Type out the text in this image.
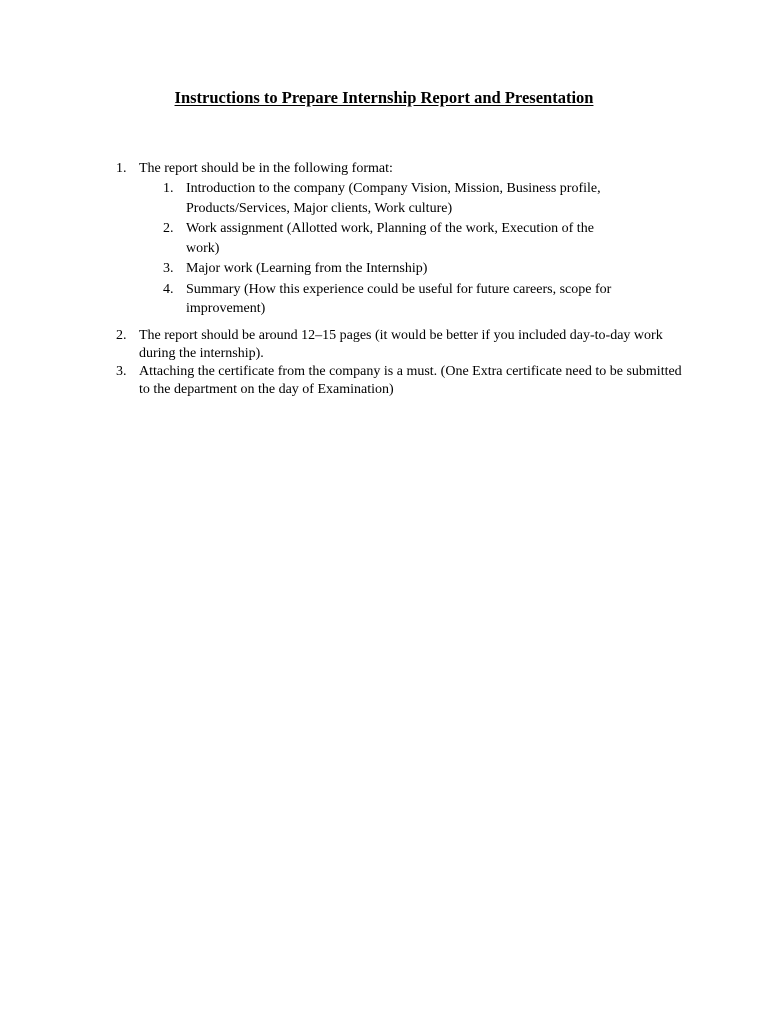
Instructions to Prepare Internship Report and Presentation
1. The report should be in the following format:
1. Introduction to the company (Company Vision, Mission, Business profile, Products/Services, Major clients, Work culture)
2. Work assignment (Allotted work, Planning of the work, Execution of the work)
3. Major work (Learning from the Internship)
4. Summary (How this experience could be useful for future careers, scope for improvement)
2. The report should be around 12–15 pages (it would be better if you included day-to-day work during the internship).
3. Attaching the certificate from the company is a must. (One Extra certificate need to be submitted to the department on the day of Examination)
